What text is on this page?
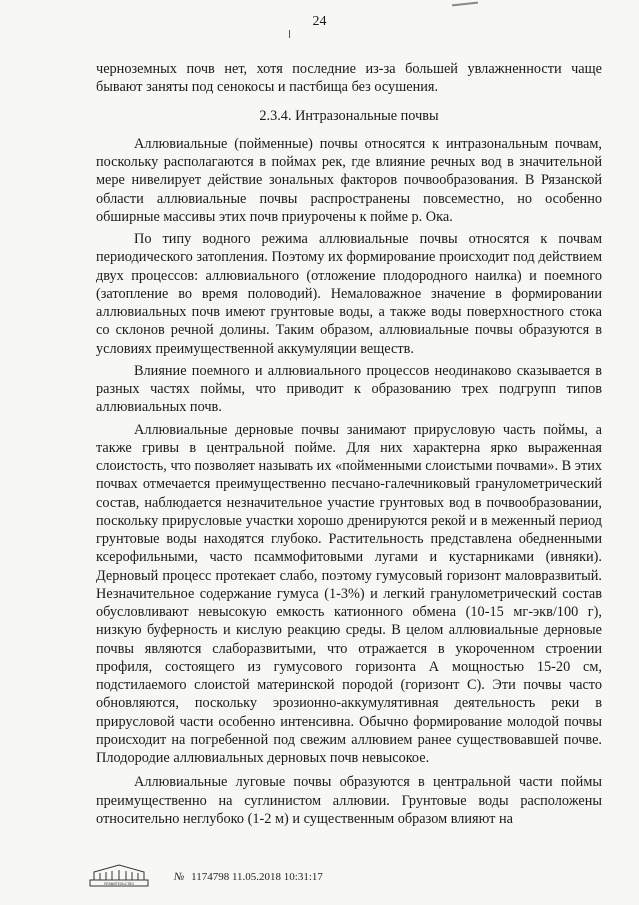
24

черноземных почв нет, хотя последние из-за большей увлажненности чаще бывают заняты под сенокосы и пастбища без осушения.

2.3.4. Интразональные почвы

Аллювиальные (пойменные) почвы относятся к интразональным почвам, поскольку располагаются в поймах рек, где влияние речных вод в значительной мере нивелирует действие зональных факторов почвообразования. В Рязанской области аллювиальные почвы распространены повсеместно, но особенно обширные массивы этих почв приурочены к пойме р. Ока.

По типу водного режима аллювиальные почвы относятся к почвам периодического затопления. Поэтому их формирование происходит под действием двух процессов: аллювиального (отложение плодородного наилка) и поемного (затопление во время половодий). Немаловажное значение в формировании аллювиальных почв имеют грунтовые воды, а также воды поверхностного стока со склонов речной долины. Таким образом, аллювиальные почвы образуются в условиях преимущественной аккумуляции веществ.

Влияние поемного и аллювиального процессов неодинаково сказывается в разных частях поймы, что приводит к образованию трех подгрупп типов аллювиальных почв.

Аллювиальные дерновые почвы занимают прирусловую часть поймы, а также гривы в центральной пойме. Для них характерна ярко выраженная слоистость, что позволяет называть их «пойменными слоистыми почвами». В этих почвах отмечается преимущественно песчано-галечниковый гранулометрический состав, наблюдается незначительное участие грунтовых вод в почвообразовании, поскольку прирусловые участки хорошо дренируются рекой и в меженный период грунтовые воды находятся глубоко. Растительность представлена обедненными ксерофильными, часто псаммофитовыми лугами и кустарниками (ивняки). Дерновый процесс протекает слабо, поэтому гумусовый горизонт маловразвитый. Незначительное содержание гумуса (1-3%) и легкий гранулометрический состав обусловливают невысокую емкость катионного обмена (10-15 мг-экв/100 г), низкую буферность и кислую реакцию среды. В целом аллювиальные дерновые почвы являются слаборазвитыми, что отражается в укороченном строении профиля, состоящего из гумусового горизонта А мощностью 15-20 см, подстилаемого слоистой материнской породой (горизонт С). Эти почвы часто обновляются, поскольку эрозионно-аккумулятивная деятельность реки в прирусловой части особенно интенсивна. Обычно формирование молодой почвы происходит на погребенной под свежим аллювием ранее существовавшей почве. Плодородие аллювиальных дерновых почв невысокое.

Аллювиальные луговые почвы образуются в центральной части поймы преимущественно на суглинистом аллювии. Грунтовые воды расположены относительно неглубоко (1-2 м) и существенным образом влияют на

ПРАВИТЕЛЬСТВО
№ 1174798 11.05.2018 10:31:17
